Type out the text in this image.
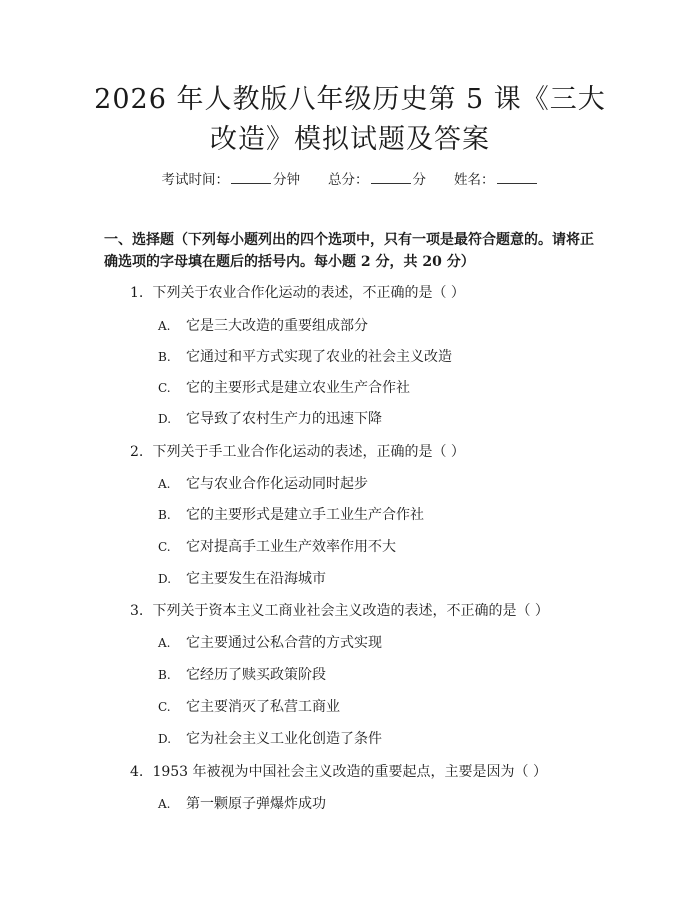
2026 年人教版八年级历史第 5 课《三大改造》模拟试题及答案
考试时间：	分钟 总分：	分 姓名：
一、选择题（下列每小题列出的四个选项中，只有一项是最符合题意的。请将正确选项的字母填在题后的括号内。每小题 2 分，共 20 分）
1. 下列关于农业合作化运动的表述，不正确的是（ ）
A. 它是三大改造的重要组成部分
B. 它通过和平方式实现了农业的社会主义改造
C. 它的主要形式是建立农业生产合作社
D. 它导致了农村生产力的迅速下降
2. 下列关于手工业合作化运动的表述，正确的是（ ）
A. 它与农业合作化运动同时起步
B. 它的主要形式是建立手工业生产合作社
C. 它对提高手工业生产效率作用不大
D. 它主要发生在沿海城市
3. 下列关于资本主义工商业社会主义改造的表述，不正确的是（ ）
A. 它主要通过公私合营的方式实现
B. 它经历了赎买政策阶段
C. 它主要消灭了私营工商业
D. 它为社会主义工业化创造了条件
4. 1953 年被视为中国社会主义改造的重要起点，主要是因为（ ）
A. 第一颗原子弹爆炸成功
